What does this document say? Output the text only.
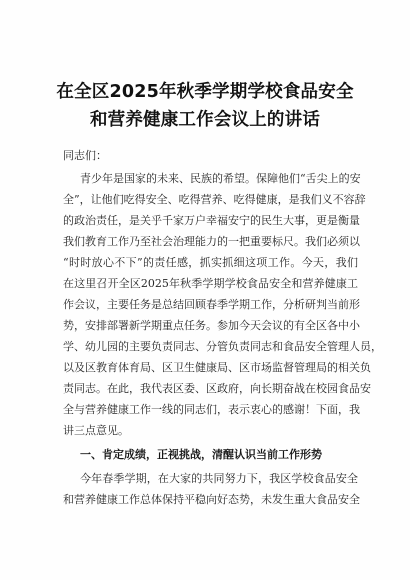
在全区2025年秋季学期学校食品安全
和营养健康工作会议上的讲话
同志们：
青少年是国家的未来、民族的希望。保障他们“舌尖上的安
全”，让他们吃得安全、吃得营养、吃得健康，是我们义不容辞
的政治责任，是关乎千家万户幸福安宁的民生大事，更是衡量
我们教育工作乃至社会治理能力的一把重要标尺。我们必须以
“时时放心不下”的责任感，抓实抓细这项工作。今天，我们
在这里召开全区2025年秋季学期学校食品安全和营养健康工
作会议，主要任务是总结回顾春季学期工作，分析研判当前形
势，安排部署新学期重点任务。参加今天会议的有全区各中小
学、幼儿园的主要负责同志、分管负责同志和食品安全管理人员，
以及区教育体育局、区卫生健康局、区市场监督管理局的相关负
责同志。在此，我代表区委、区政府，向长期奋战在校园食品安
全与营养健康工作一线的同志们，表示衷心的感谢！下面，我
讲三点意见。
一、肯定成绩，正视挑战，清醒认识当前工作形势
今年春季学期，在大家的共同努力下，我区学校食品安全
和营养健康工作总体保持平稳向好态势，未发生重大食品安全
